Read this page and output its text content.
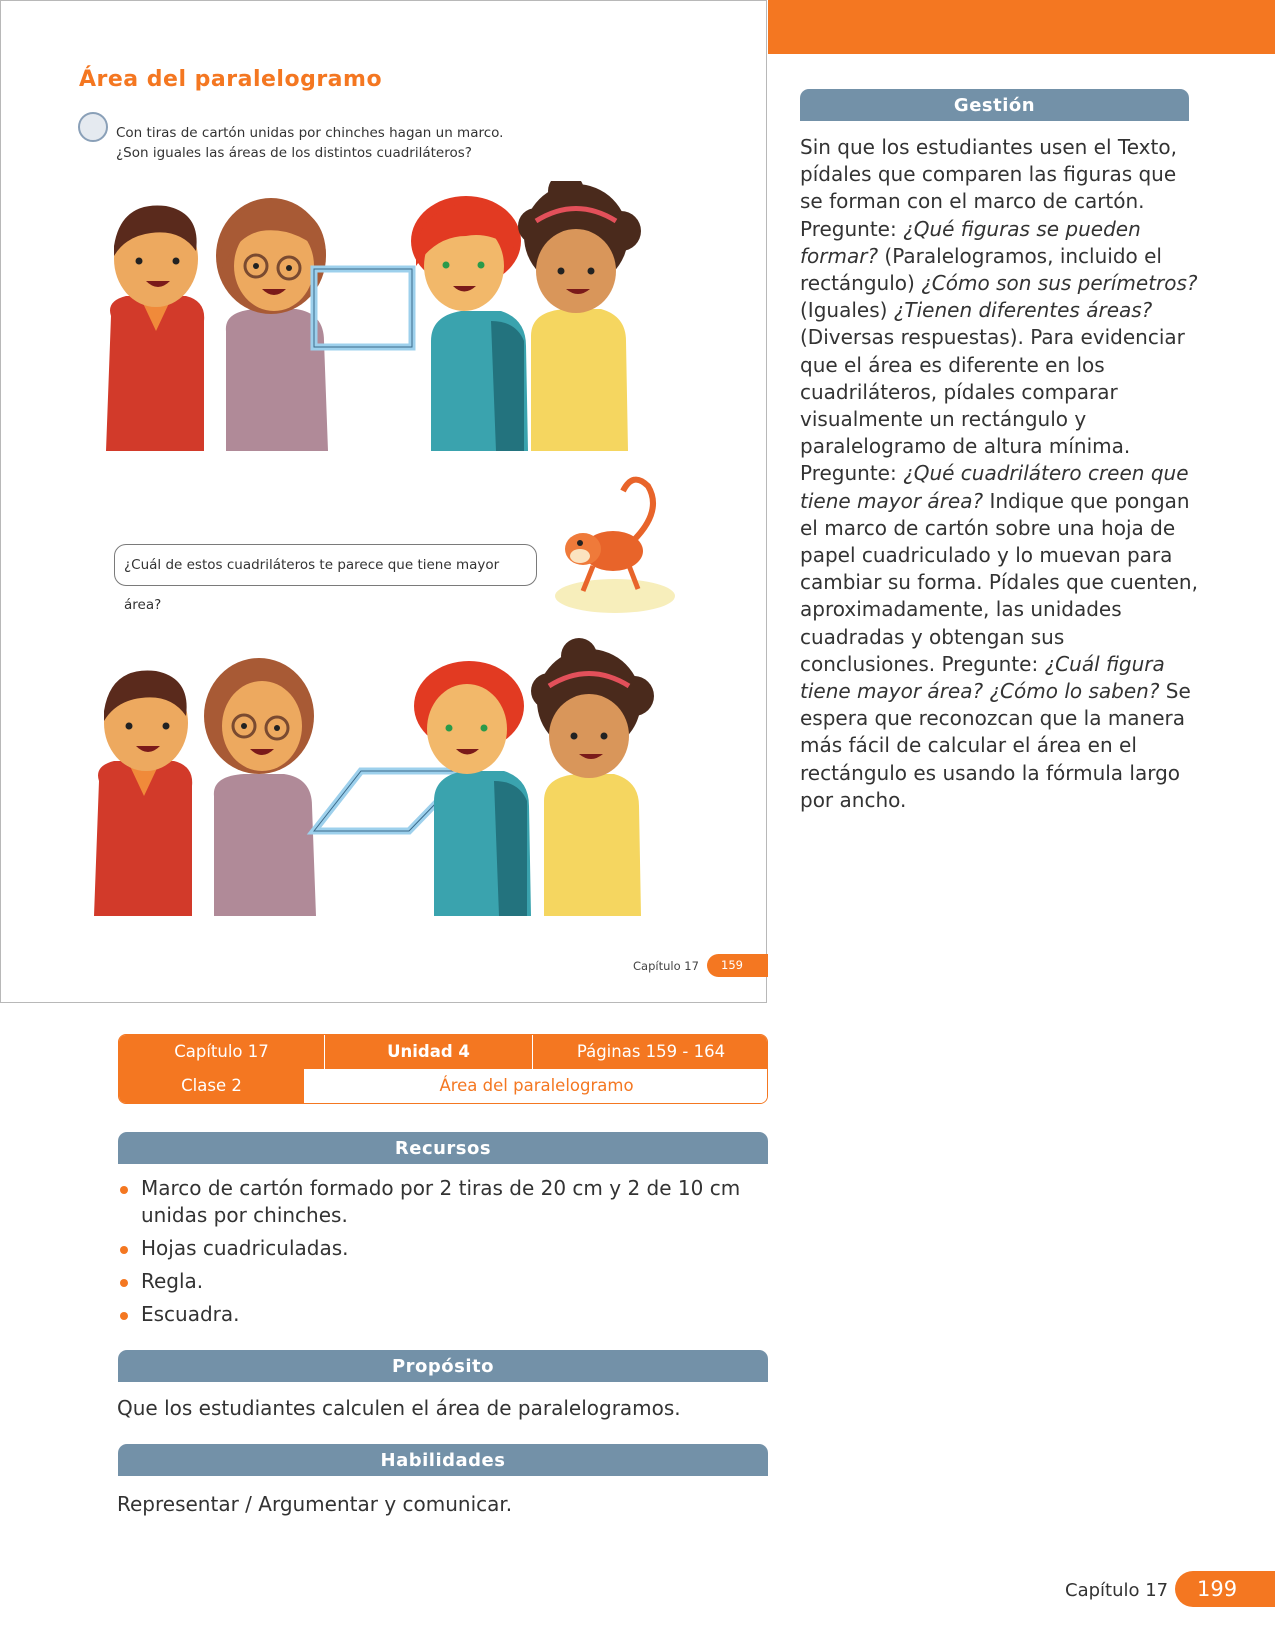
Área del paralelogramo
Con tiras de cartón unidas por chinches hagan un marco.
¿Son iguales las áreas de los distintos cuadriláteros?
¿Cuál de estos cuadriláteros te parece que tiene mayor área?
Capítulo 17	159
Gestión
Sin que los estudiantes usen el Texto, pídales que comparen las figuras que se forman con el marco de cartón. Pregunte: ¿Qué figuras se pueden formar? (Paralelogramos, incluido el rectángulo) ¿Cómo son sus perímetros? (Iguales) ¿Tienen diferentes áreas? (Diversas respuestas). Para evidenciar que el área es diferente en los cuadriláteros, pídales comparar visualmente un rectángulo y paralelogramo de altura mínima. Pregunte: ¿Qué cuadrilátero creen que tiene mayor área? Indique que pongan el marco de cartón sobre una hoja de papel cuadriculado y lo muevan para cambiar su forma. Pídales que cuenten, aproximadamente, las unidades cuadradas y obtengan sus conclusiones. Pregunte: ¿Cuál figura tiene mayor área? ¿Cómo lo saben? Se espera que reconozcan que la manera más fácil de calcular el área en el rectángulo es usando la fórmula largo por ancho.
Capítulo 17	Unidad 4	Páginas 159 - 164
Clase 2	Área del paralelogramo
Recursos
Marco de cartón formado por 2 tiras de 20 cm y 2 de 10 cm unidas por chinches.
Hojas cuadriculadas.
Regla.
Escuadra.
Propósito
Que los estudiantes calculen el área de paralelogramos.
Habilidades
Representar / Argumentar y comunicar.
Capítulo 17	199
